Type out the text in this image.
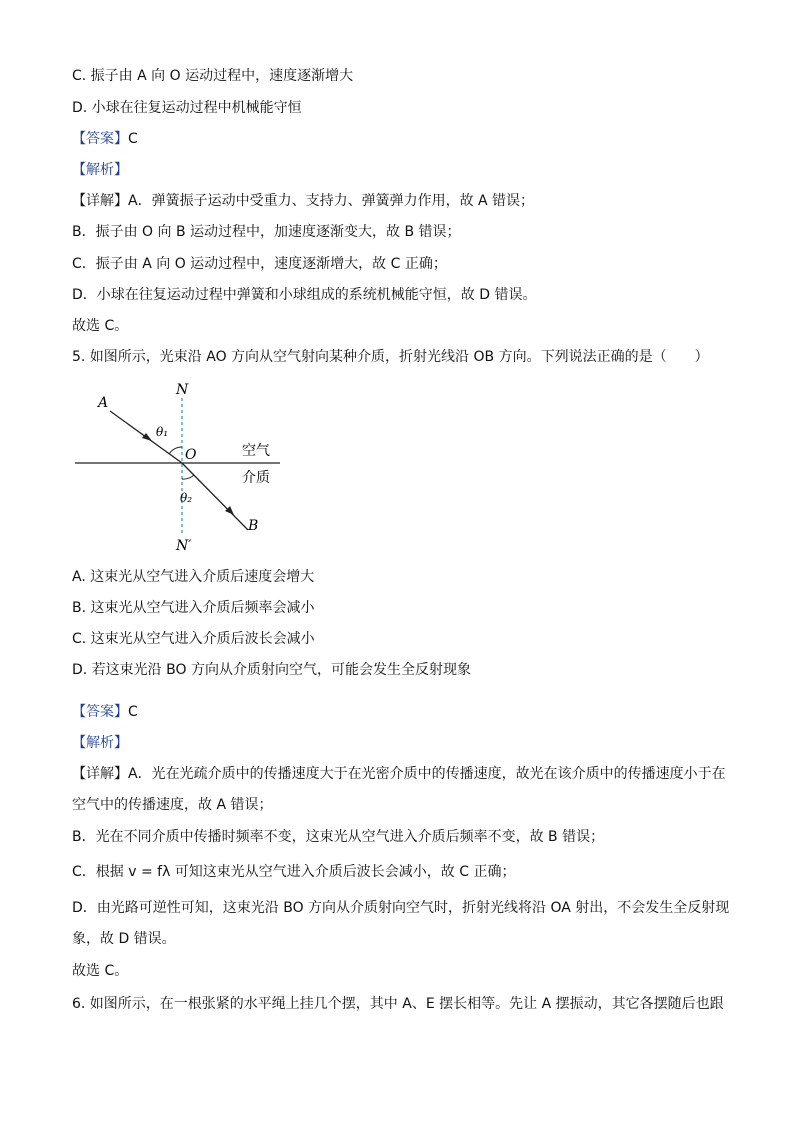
C. 振子由 A 向 O 运动过程中，速度逐渐增大
D. 小球在往复运动过程中机械能守恒
【答案】C
【解析】
【详解】A．弹簧振子运动中受重力、支持力、弹簧弹力作用，故 A 错误；
B．振子由 O 向 B 运动过程中，加速度逐渐变大，故 B 错误；
C．振子由 A 向 O 运动过程中，速度逐渐增大，故 C 正确；
D．小球在往复运动过程中弹簧和小球组成的系统机械能守恒，故 D 错误。
故选 C。
5. 如图所示，光束沿 AO 方向从空气射向某种介质，折射光线沿 OB 方向。下列说法正确的是（　　）
N
A
θ₁
O	空气
介质
θ₂
B
N′
A. 这束光从空气进入介质后速度会增大
B. 这束光从空气进入介质后频率会减小
C. 这束光从空气进入介质后波长会减小
D. 若这束光沿 BO 方向从介质射向空气，可能会发生全反射现象
【答案】C
【解析】
【详解】A．光在光疏介质中的传播速度大于在光密介质中的传播速度，故光在该介质中的传播速度小于在空气中的传播速度，故 A 错误；
B．光在不同介质中传播时频率不变，这束光从空气进入介质后频率不变，故 B 错误；
C．根据 v = fλ 可知这束光从空气进入介质后波长会减小，故 C 正确；
D．由光路可逆性可知，这束光沿 BO 方向从介质射向空气时，折射光线将沿 OA 射出，不会发生全反射现象，故 D 错误。
故选 C。
6. 如图所示，在一根张紧的水平绳上挂几个摆，其中 A、E 摆长相等。先让 A 摆振动，其它各摆随后也跟
